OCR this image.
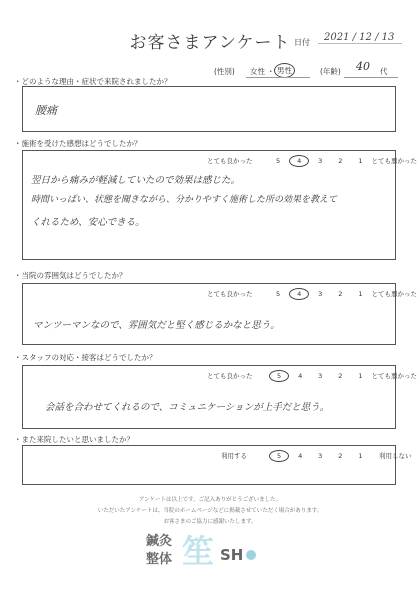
お客さまアンケート 日付	2021 / 12 / 13
(性別) 女性 ・ 男性	(年齢) 40 代
・どのような理由・症状で来院されましたか？
腰痛
・施術を受けた感想はどうでしたか？
とても良かった	5	4	3 2 1 とても悪かった
翌日から痛みが軽減していたので効果は感じた。
時間いっぱい、状態を聞きながら、分かりやすく施術した所の効果を教えて
くれるため、安心できる。
・当院の雰囲気はどうでしたか？
とても良かった	5	4	3 2 1 とても悪かった
マンツーマンなので、雰囲気だと堅く感じるかなと思う。
・スタッフの対応・接客はどうでしたか？
とても良かった	5	4 3 2 1 とても悪かった
会話を合わせてくれるので、コミュニケーションが上手だと思う。
・また来院したいと思いましたか？
利用する	5	4 3 2 1	利用しない
アンケートは以上です。ご記入ありがとうございました。
いただいたアンケートは、当院のホームページなどに掲載させていただく場合があります。
お客さまのご協力に感謝いたします。
鍼灸
整体 笙 SH
